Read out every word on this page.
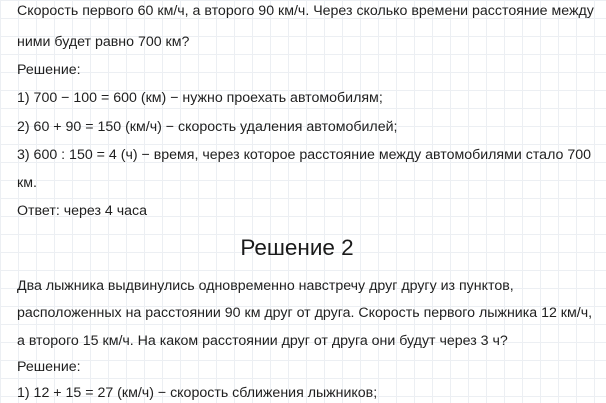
Скорость первого 60 км/ч, а второго 90 км/ч. Через сколько времени расстояние между
ними будет равно 700 км?
Решение:
1) 700 − 100 = 600 (км) − нужно проехать автомобилям;
2) 60 + 90 = 150 (км/ч) − скорость удаления автомобилей;
3) 600 : 150 = 4 (ч) − время, через которое расстояние между автомобилями стало 700
км.
Ответ: через 4 часа
Решение 2
Два лыжника выдвинулись одновременно навстречу друг другу из пунктов,
расположенных на расстоянии 90 км друг от друга. Скорость первого лыжника 12 км/ч,
а второго 15 км/ч. На каком расстоянии друг от друга они будут через 3 ч?
Решение:
1) 12 + 15 = 27 (км/ч) − скорость сближения лыжников;
